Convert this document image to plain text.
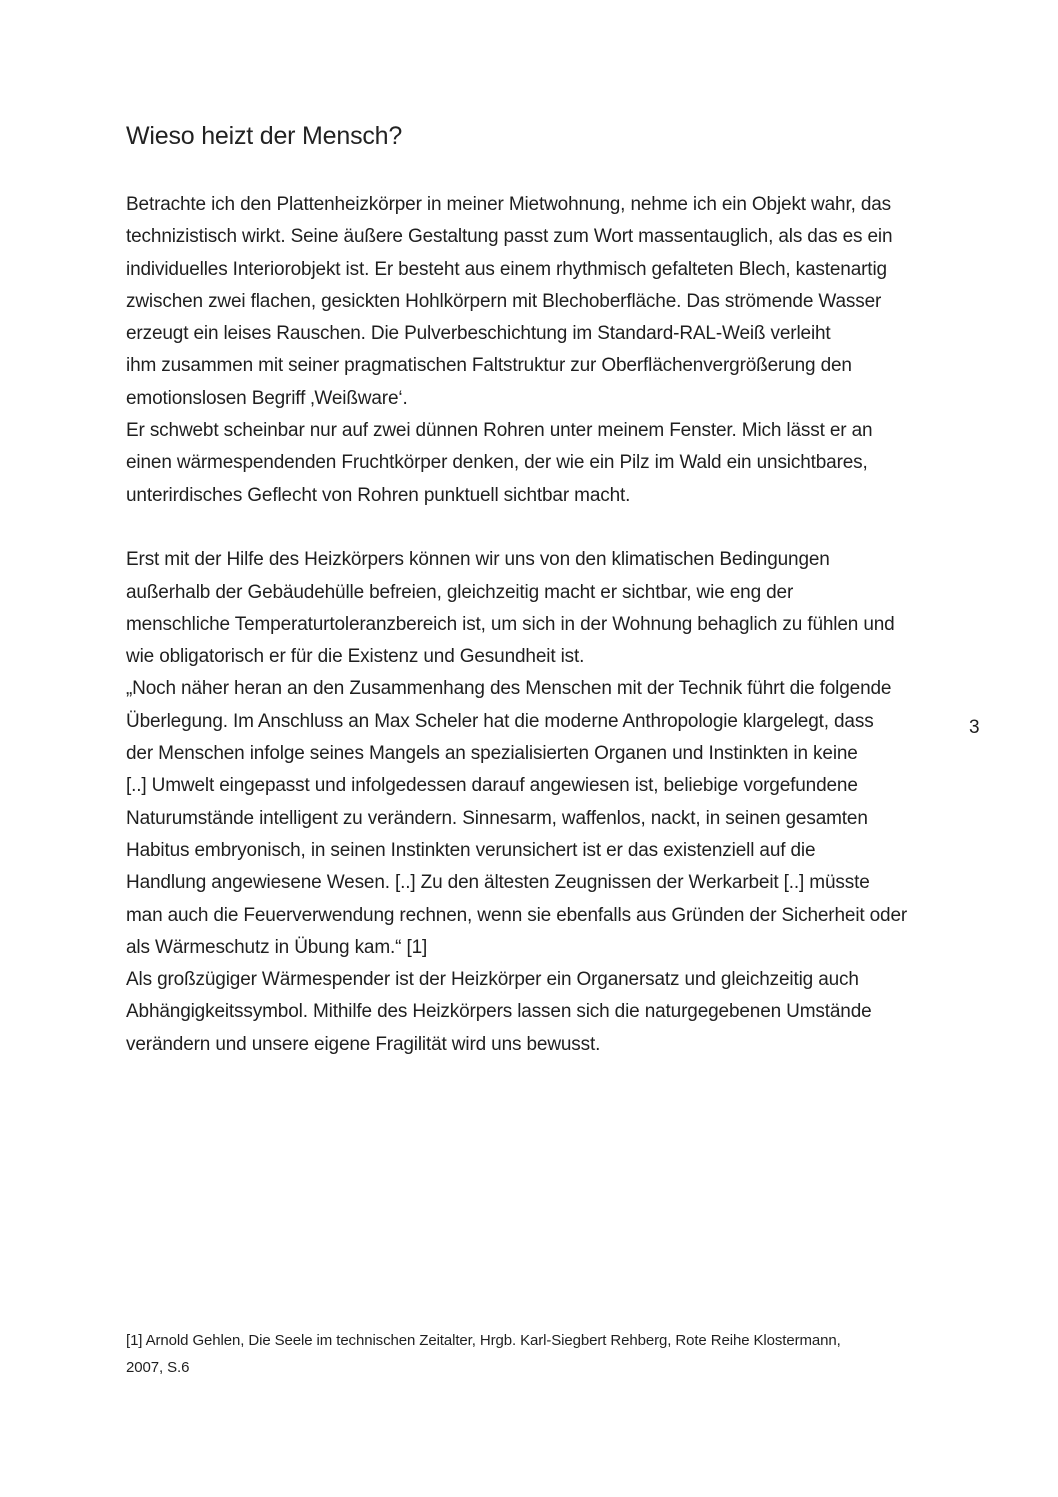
Wieso heizt der Mensch?
Betrachte ich den Plattenheizkörper in meiner Mietwohnung, nehme ich ein Objekt wahr, das
technizistisch wirkt. Seine äußere Gestaltung passt zum Wort massentauglich, als das es ein
individuelles Interiorobjekt ist. Er besteht aus einem rhythmisch gefalteten Blech, kastenartig
zwischen zwei flachen, gesickten Hohlkörpern mit Blechoberfläche. Das strömende Wasser
erzeugt ein leises Rauschen. Die Pulverbeschichtung im Standard-RAL-Weiß verleiht
ihm zusammen mit seiner pragmatischen Faltstruktur zur Oberflächenvergrößerung den
emotionslosen Begriff ‚Weißware‘.
Er schwebt scheinbar nur auf zwei dünnen Rohren unter meinem Fenster. Mich lässt er an
einen wärmespendenden Fruchtkörper denken, der wie ein Pilz im Wald ein unsichtbares,
unterirdisches Geflecht von Rohren punktuell sichtbar macht.
Erst mit der Hilfe des Heizkörpers können wir uns von den klimatischen Bedingungen
außerhalb der Gebäudehülle befreien, gleichzeitig macht er sichtbar, wie eng der
menschliche Temperaturtoleranzbereich ist, um sich in der Wohnung behaglich zu fühlen und
wie obligatorisch er für die Existenz und Gesundheit ist.
„Noch näher heran an den Zusammenhang des Menschen mit der Technik führt die folgende
Überlegung. Im Anschluss an Max Scheler hat die moderne Anthropologie klargelegt, dass
der Menschen infolge seines Mangels an spezialisierten Organen und Instinkten in keine
[..] Umwelt eingepasst und infolgedessen darauf angewiesen ist, beliebige vorgefundene
Naturumstände intelligent zu verändern. Sinnesarm, waffenlos, nackt, in seinen gesamten
Habitus embryonisch, in seinen Instinkten verunsichert ist er das existenziell auf die
Handlung angewiesene Wesen. [..] Zu den ältesten Zeugnissen der Werkarbeit [..] müsste
man auch die Feuerverwendung rechnen, wenn sie ebenfalls aus Gründen der Sicherheit oder
als Wärmeschutz in Übung kam.“ [1]
Als großzügiger Wärmespender ist der Heizkörper ein Organersatz und gleichzeitig auch
Abhängigkeitssymbol. Mithilfe des Heizkörpers lassen sich die naturgegebenen Umstände
verändern und unsere eigene Fragilität wird uns bewusst.
3
[1] Arnold Gehlen, Die Seele im technischen Zeitalter, Hrgb. Karl-Siegbert Rehberg, Rote Reihe Klostermann,
2007, S.6
